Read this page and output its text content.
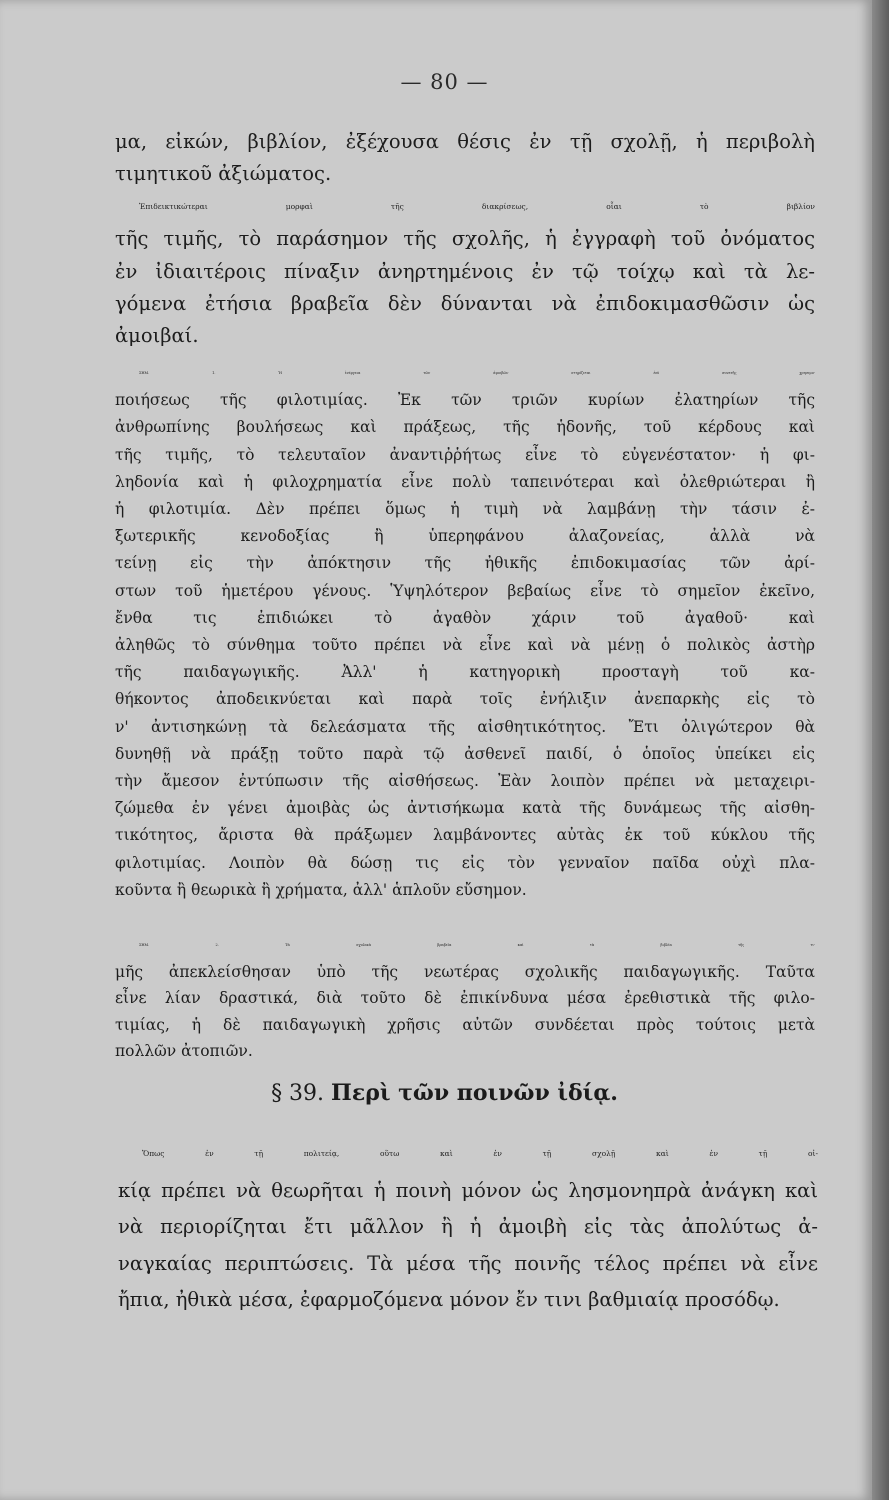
— 80 —
μα, εἰκών, βιβλίον, ἐξέχουσα θέσις ἐν τῇ σχολῇ, ἡ περιβολὴ
τιμητικοῦ ἀξιώματος.
Ἐπιδεικτικώτεραι μορφαὶ τῆς διακρίσεως, οἷαι τὸ βιβλίον
τῆς τιμῆς, τὸ παράσημον τῆς σχολῆς, ἡ ἐγγραφὴ τοῦ ὀνόματος
ἐν ἰδιαιτέροις πίναξιν ἀνηρτημένοις ἐν τῷ τοίχῳ καὶ τὰ λε-
γόμενα ἐτήσια βραβεῖα δὲν δύνανται νὰ ἐπιδοκιμασθῶσιν ὡς
ἀμοιβαί.
ΣΗΜ. 1. Ἡ ἐνέργεια τῶν ἀμοιβῶν στηρίζεται ἐπὶ συνετῆς χρησιμο-
ποιήσεως τῆς φιλοτιμίας. Ἐκ τῶν τριῶν κυρίων ἐλατηρίων τῆς
ἀνθρωπίνης βουλήσεως καὶ πράξεως, τῆς ἡδονῆς, τοῦ κέρδους καὶ
τῆς τιμῆς, τὸ τελευταῖον ἀναντιῤῥήτως εἶνε τὸ εὐγενέστατον· ἡ φι-
ληδονία καὶ ἡ φιλοχρηματία εἶνε πολὺ ταπεινότεραι καὶ ὀλεθριώτεραι ἢ
ἡ φιλοτιμία. Δὲν πρέπει ὅμως ἡ τιμὴ νὰ λαμβάνῃ τὴν τάσιν ἐ-
ξωτερικῆς κενοδοξίας ἢ ὑπερηφάνου ἀλαζονείας, ἀλλὰ νὰ
τείνῃ εἰς τὴν ἀπόκτησιν τῆς ἠθικῆς ἐπιδοκιμασίας τῶν ἀρί-
στων τοῦ ἡμετέρου γένους. Ὑψηλότερον βεβαίως εἶνε τὸ σημεῖον ἐκεῖνο,
ἔνθα τις ἐπιδιώκει τὸ ἀγαθὸν χάριν τοῦ ἀγαθοῦ· καὶ
ἀληθῶς τὸ σύνθημα τοῦτο πρέπει νὰ εἶνε καὶ νὰ μένῃ ὁ πολικὸς ἀστὴρ
τῆς παιδαγωγικῆς. Ἀλλ' ἡ κατηγορικὴ προσταγὴ τοῦ κα-
θήκοντος ἀποδεικνύεται καὶ παρὰ τοῖς ἐνήλιξιν ἀνεπαρκὴς εἰς τὸ
ν' ἀντισηκώνῃ τὰ δελεάσματα τῆς αἰσθητικότητος. Ἔτι ὀλιγώτερον θὰ
δυνηθῇ νὰ πράξῃ τοῦτο παρὰ τῷ ἀσθενεῖ παιδί, ὁ ὁποῖος ὑπείκει εἰς
τὴν ἄμεσον ἐντύπωσιν τῆς αἰσθήσεως. Ἐὰν λοιπὸν πρέπει νὰ μεταχειρι-
ζώμεθα ἐν γένει ἀμοιβὰς ὡς ἀντισήκωμα κατὰ τῆς δυνάμεως τῆς αἰσθη-
τικότητος, ἄριστα θὰ πράξωμεν λαμβάνοντες αὐτὰς ἐκ τοῦ κύκλου τῆς
φιλοτιμίας. Λοιπὸν θὰ δώσῃ τις εἰς τὸν γενναῖον παῖδα οὐχὶ πλα-
κοῦντα ἢ θεωρικὰ ἢ χρήματα, ἀλλ' ἁπλοῦν εὔσημον.
ΣΗΜ. 2. Τὰ σχολικὰ βραβεῖα καὶ τὰ βιβλία τῆς τι-
μῆς ἀπεκλείσθησαν ὑπὸ τῆς νεωτέρας σχολικῆς παιδαγωγικῆς. Ταῦτα
εἶνε λίαν δραστικά, διὰ τοῦτο δὲ ἐπικίνδυνα μέσα ἐρεθιστικὰ τῆς φιλο-
τιμίας, ἡ δὲ παιδαγωγικὴ χρῆσις αὐτῶν συνδέεται πρὸς τούτοις μετὰ
πολλῶν ἀτοπιῶν.
§ 39. Περὶ τῶν ποινῶν ἰδίᾳ.
Ὅπως ἐν τῇ πολιτείᾳ, οὕτω καὶ ἐν τῇ σχολῇ καὶ ἐν τῇ οἰ-
κίᾳ πρέπει νὰ θεωρῆται ἡ ποινὴ μόνον ὡς λησμονηπρὰ ἀνάγκη καὶ
νὰ περιορίζηται ἔτι μᾶλλον ἢ ἡ ἀμοιβὴ εἰς τὰς ἀπολύτως ἀ-
ναγκαίας περιπτώσεις. Τὰ μέσα τῆς ποινῆς τέλος πρέπει νὰ εἶνε
ἤπια, ἠθικὰ μέσα, ἐφαρμοζόμενα μόνον ἔν τινι βαθμιαίᾳ προσόδῳ.
